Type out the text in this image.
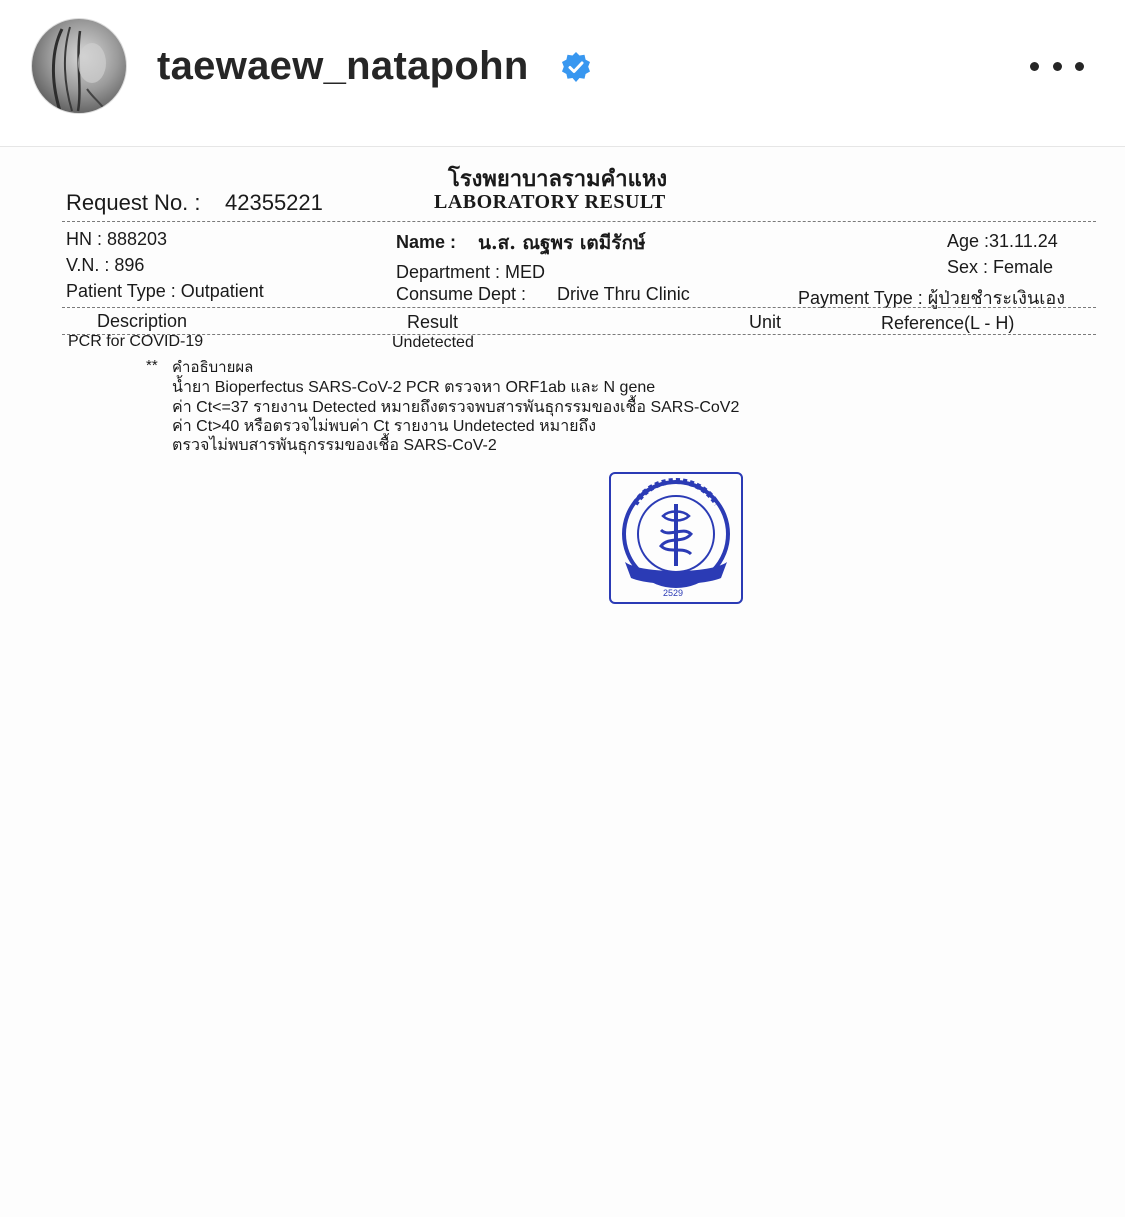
taewaew_natapohn
โรงพยาบาลรามคำแหง
LABORATORY RESULT
Request No. : 42355221
HN : 888203
V.N. : 896
Patient Type : Outpatient
Name : น.ส. ณฐพร เตมีรักษ์
Department : MED
Consume Dept : Drive Thru Clinic
Age :31.11.24
Sex : Female
Payment Type : ผู้ป่วยชำระเงินเอง
Description	Result	Unit	Reference(L - H)
PCR for COVID-19	Undetected
** คำอธิบายผล
น้ำยา Bioperfectus SARS-CoV-2 PCR ตรวจหา ORF1ab และ N gene
ค่า Ct<=37 รายงาน Detected หมายถึงตรวจพบสารพันธุกรรมของเชื้อ SARS-CoV2
ค่า Ct>40 หรือตรวจไม่พบค่า Ct รายงาน Undetected หมายถึง
ตรวจไม่พบสารพันธุกรรมของเชื้อ SARS-CoV-2
2529
